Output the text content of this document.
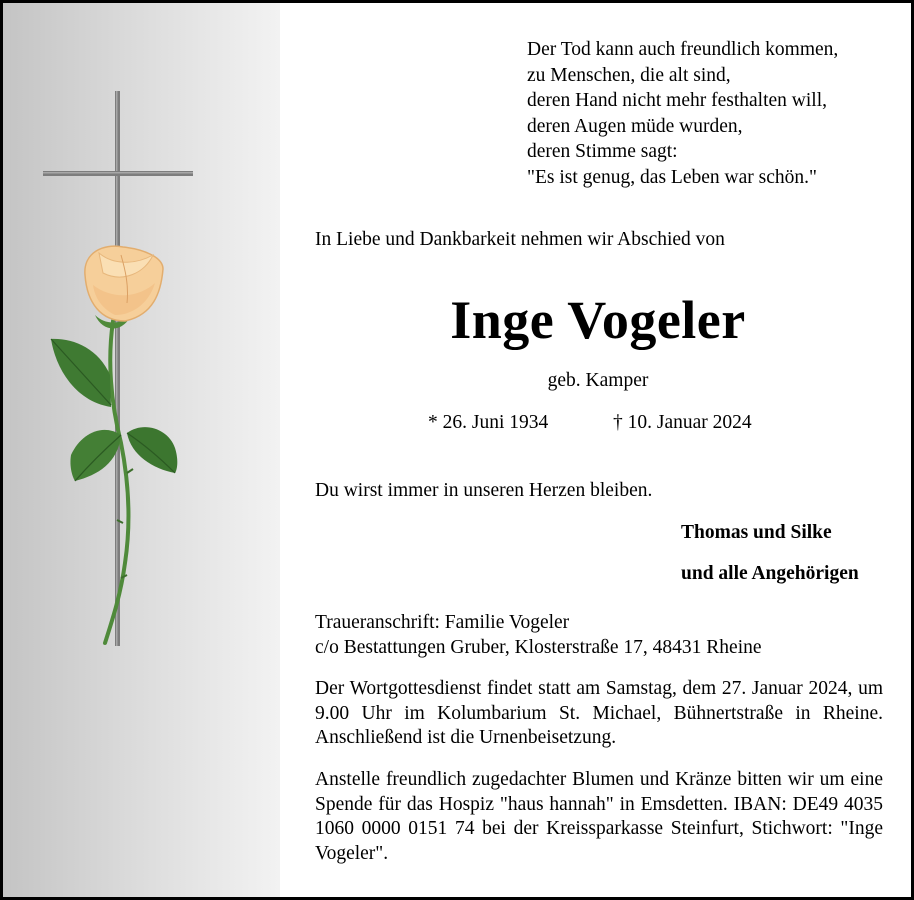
Der Tod kann auch freundlich kommen,
zu Menschen, die alt sind,
deren Hand nicht mehr festhalten will,
deren Augen müde wurden,
deren Stimme sagt:
"Es ist genug, das Leben war schön."
In Liebe und Dankbarkeit nehmen wir Abschied von
Inge Vogeler
geb. Kamper
* 26. Juni 1934	† 10. Januar 2024
Du wirst immer in unseren Herzen bleiben.
Thomas und Silke
und alle Angehörigen
Traueranschrift: Familie Vogeler
c/o Bestattungen Gruber, Klosterstraße 17, 48431 Rheine
Der Wortgottesdienst findet statt am Samstag, dem 27. Januar 2024, um 9.00 Uhr im Kolumbarium St. Michael, Bühnertstraße in Rheine. Anschließend ist die Urnenbeisetzung.
Anstelle freundlich zugedachter Blumen und Kränze bitten wir um eine Spende für das Hospiz "haus hannah" in Emsdetten. IBAN: DE49 4035 1060 0000 0151 74 bei der Kreissparkasse Steinfurt, Stichwort: "Inge Vogeler".
